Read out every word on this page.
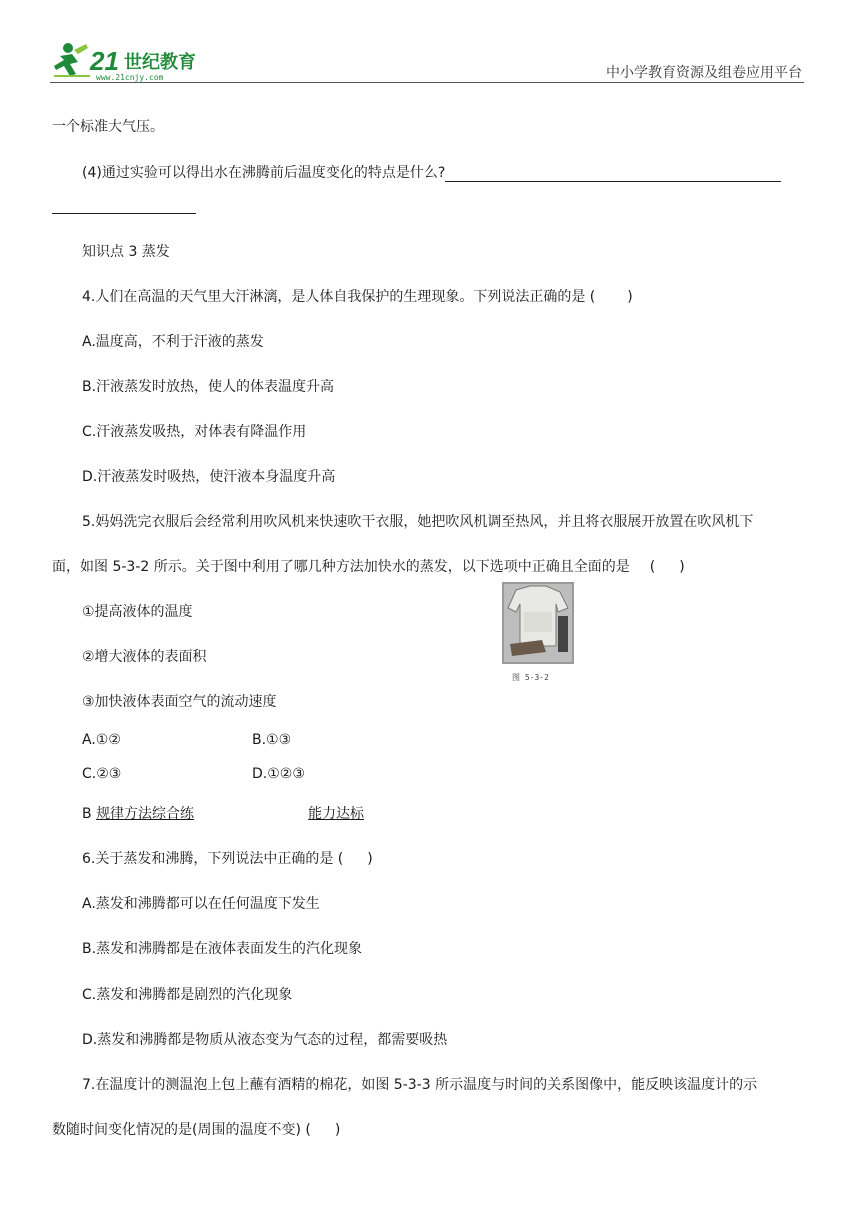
21 世纪教育
www.21cnjy.com	中小学教育资源及组卷应用平台
一个标准大气压。
(4)通过实验可以得出水在沸腾前后温度变化的特点是什么?
知识点 3 蒸发
4.人们在高温的天气里大汗淋漓，是人体自我保护的生理现象。下列说法正确的是 ( )
A.温度高，不利于汗液的蒸发
B.汗液蒸发时放热，使人的体表温度升高
C.汗液蒸发吸热，对体表有降温作用
D.汗液蒸发时吸热，使汗液本身温度升高
5.妈妈洗完衣服后会经常利用吹风机来快速吹干衣服，她把吹风机调至热风，并且将衣服展开放置在吹风机下
面，如图 5-3-2 所示。关于图中利用了哪几种方法加快水的蒸发，以下选项中正确且全面的是 ( )
①提高液体的温度
②增大液体的表面积
③加快液体表面空气的流动速度
图 5-3-2
A.①②	B.①③
C.②③	D.①②③
B 规律方法综合练	能力达标
6.关于蒸发和沸腾，下列说法中正确的是 ( )
A.蒸发和沸腾都可以在任何温度下发生
B.蒸发和沸腾都是在液体表面发生的汽化现象
C.蒸发和沸腾都是剧烈的汽化现象
D.蒸发和沸腾都是物质从液态变为气态的过程，都需要吸热
7.在温度计的测温泡上包上蘸有酒精的棉花，如图 5-3-3 所示温度与时间的关系图像中，能反映该温度计的示
数随时间变化情况的是(周围的温度不变) ( )
